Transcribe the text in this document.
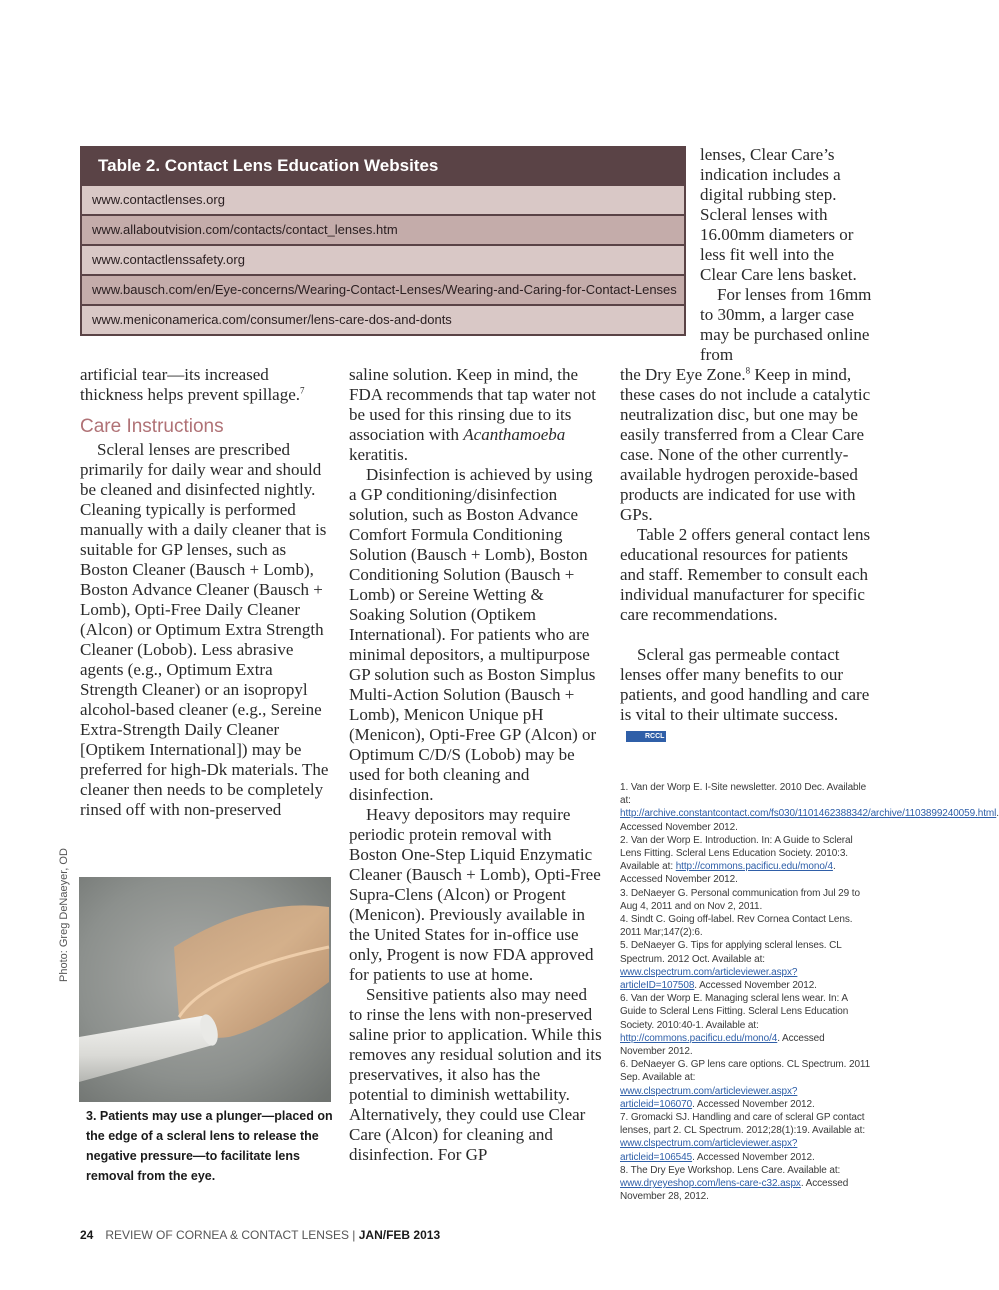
Table 2. Contact Lens Education Websites
www.contactlenses.org
www.allaboutvision.com/contacts/contact_lenses.htm
www.contactlenssafety.org
www.bausch.com/en/Eye-concerns/Wearing-Contact-Lenses/Wearing-and-Caring-for-Contact-Lenses
www.meniconamerica.com/consumer/lens-care-dos-and-donts

artificial tear—its increased thickness helps prevent spillage.$^7$

Care Instructions

Scleral lenses are prescribed primarily for daily wear and should be cleaned and disinfected nightly. Cleaning typically is performed manually with a daily cleaner that is suitable for GP lenses, such as Boston Cleaner (Bausch + Lomb), Boston Advance Cleaner (Bausch + Lomb), Opti-Free Daily Cleaner (Alcon) or Optimum Extra Strength Cleaner (Lobob). Less abrasive agents (e.g., Optimum Extra Strength Cleaner) or an isopropyl alcohol-based cleaner (e.g., Sereine Extra-Strength Daily Cleaner [Optikem International]) may be preferred for high-Dk materials. The cleaner then needs to be completely rinsed off with non-preserved

Photo: Greg DeNaeyer, OD
3. Patients may use a plunger—placed on the edge of a scleral lens to release the negative pressure—to facilitate lens removal from the eye.

saline solution. Keep in mind, the FDA recommends that tap water not be used for this rinsing due to its association with Acanthamoeba keratitis.

Disinfection is achieved by using a GP conditioning/disinfection solution, such as Boston Advance Comfort Formula Conditioning Solution (Bausch + Lomb), Boston Conditioning Solution (Bausch + Lomb) or Sereine Wetting & Soaking Solution (Optikem International). For patients who are minimal depositors, a multipurpose GP solution such as Boston Simplus Multi-Action Solution (Bausch + Lomb), Menicon Unique pH (Menicon), Opti-Free GP (Alcon) or Optimum C/D/S (Lobob) may be used for both cleaning and disinfection.

Heavy depositors may require periodic protein removal with Boston One-Step Liquid Enzymatic Cleaner (Bausch + Lomb), Opti-Free Supra-Clens (Alcon) or Progent (Menicon). Previously available in the United States for in-office use only, Progent is now FDA approved for patients to use at home.

Sensitive patients also may need to rinse the lens with non-preserved saline prior to application. While this removes any residual solution and its preservatives, it also has the potential to diminish wettability. Alternatively, they could use Clear Care (Alcon) for cleaning and disinfection. For GP

lenses, Clear Care’s indication includes a digital rubbing step. Scleral lenses with 16.00mm diameters or less fit well into the Clear Care lens basket.

For lenses from 16mm to 30mm, a larger case may be purchased online from

the Dry Eye Zone.$^8$ Keep in mind, these cases do not include a catalytic neutralization disc, but one may be easily transferred from a Clear Care case. None of the other currently-available hydrogen peroxide-based products are indicated for use with GPs.

Table 2 offers general contact lens educational resources for patients and staff. Remember to consult each individual manufacturer for specific care recommendations.

Scleral gas permeable contact lenses offer many benefits to our patients, and good handling and care is vital to their ultimate success.RCCL

1. Van der Worp E. I-Site newsletter. 2010 Dec. Available at: http://archive.constantcontact.com/fs030/1101462388342/archive/1103899240059.html. Accessed November 2012.

2. Van der Worp E. Introduction. In: A Guide to Scleral Lens Fitting. Scleral Lens Education Society. 2010:3. Available at: http://commons.pacificu.edu/mono/4. Accessed November 2012.

3. DeNaeyer G. Personal communication from Jul 29 to Aug 4, 2011 and on Nov 2, 2011.

4. Sindt C. Going off-label. Rev Cornea Contact Lens. 2011 Mar;147(2):6.

5. DeNaeyer G. Tips for applying scleral lenses. CL Spectrum. 2012 Oct. Available at: www.clspectrum.com/articleviewer.aspx?articleID=107508. Accessed November 2012.

6. Van der Worp E. Managing scleral lens wear. In: A Guide to Scleral Lens Fitting. Scleral Lens Education Society. 2010:40-1. Available at: http://commons.pacificu.edu/mono/4. Accessed November 2012.

6. DeNaeyer G. GP lens care options. CL Spectrum. 2011 Sep. Available at: www.clspectrum.com/articleviewer.aspx?articleid=106070. Accessed November 2012.

7. Gromacki SJ. Handling and care of scleral GP contact lenses, part 2. CL Spectrum. 2012;28(1):19. Available at: www.clspectrum.com/articleviewer.aspx?articleid=106545. Accessed November 2012.

8. The Dry Eye Workshop. Lens Care. Available at: www.dryeyeshop.com/lens-care-c32.aspx. Accessed November 28, 2012.

24 REVIEW OF CORNEA & CONTACT LENSES | JAN/FEB 2013
